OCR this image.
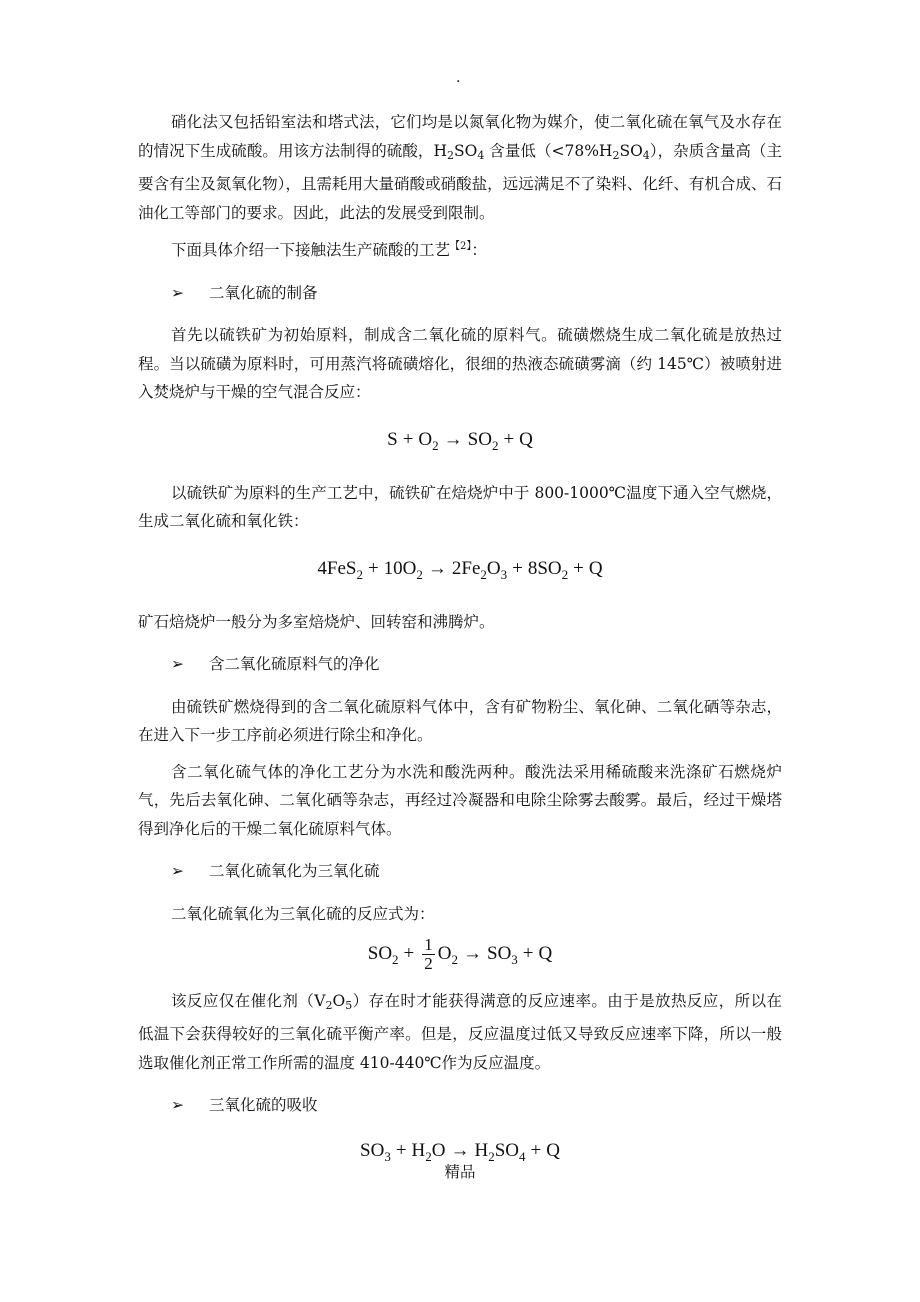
.

硝化法又包括铅室法和塔式法，它们均是以氮氧化物为媒介，使二氧化硫在氧气及水存在的情况下生成硫酸。用该方法制得的硫酸，$H_2SO_4$ 含量低$(<78\%H_2SO_4)$，杂质含量高（主要含有尘及氮氧化物），且需耗用大量硝酸或硝酸盐，远远满足不了染料、化纤、有机合成、石油化工等部门的要求。因此，此法的发展受到限制。

下面具体介绍一下接触法生产硫酸的工艺$^{【2】}$：

➢ 二氧化硫的制备

首先以硫铁矿为初始原料，制成含二氧化硫的原料气。硫磺燃烧生成二氧化硫是放热过程。当以硫磺为原料时，可用蒸汽将硫磺熔化，很细的热液态硫磺雾滴（约 145℃）被喷射进入焚烧炉与干燥的空气混合反应：

$S + O_2 \to SO_2 + Q$

以硫铁矿为原料的生产工艺中，硫铁矿在焙烧炉中于 800-1000℃温度下通入空气燃烧，生成二氧化硫和氧化铁：

$4FeS_2 + 10O_2 \to 2Fe_2O_3 + 8SO_2 + Q$

矿石焙烧炉一般分为多室焙烧炉、回转窑和沸腾炉。

➢ 含二氧化硫原料气的净化

由硫铁矿燃烧得到的含二氧化硫原料气体中，含有矿物粉尘、氧化砷、二氧化硒等杂志，在进入下一步工序前必须进行除尘和净化。

含二氧化硫气体的净化工艺分为水洗和酸洗两种。酸洗法采用稀硫酸来洗涤矿石燃烧炉气，先后去氧化砷、二氧化硒等杂志，再经过冷凝器和电除尘除雾去酸雾。最后，经过干燥塔得到净化后的干燥二氧化硫原料气体。

➢ 二氧化硫氧化为三氧化硫

二氧化硫氧化为三氧化硫的反应式为：

$SO_2 + \frac{1}{2} O_2 \to SO_3 + Q$

该反应仅在催化剂$(V_2O_5)$存在时才能获得满意的反应速率。由于是放热反应，所以在低温下会获得较好的三氧化硫平衡产率。但是，反应温度过低又导致反应速率下降，所以一般选取催化剂正常工作所需的温度 410-440℃作为反应温度。

➢ 三氧化硫的吸收

$SO_3 + H_2O \to H_2SO_4 + Q$
精品
